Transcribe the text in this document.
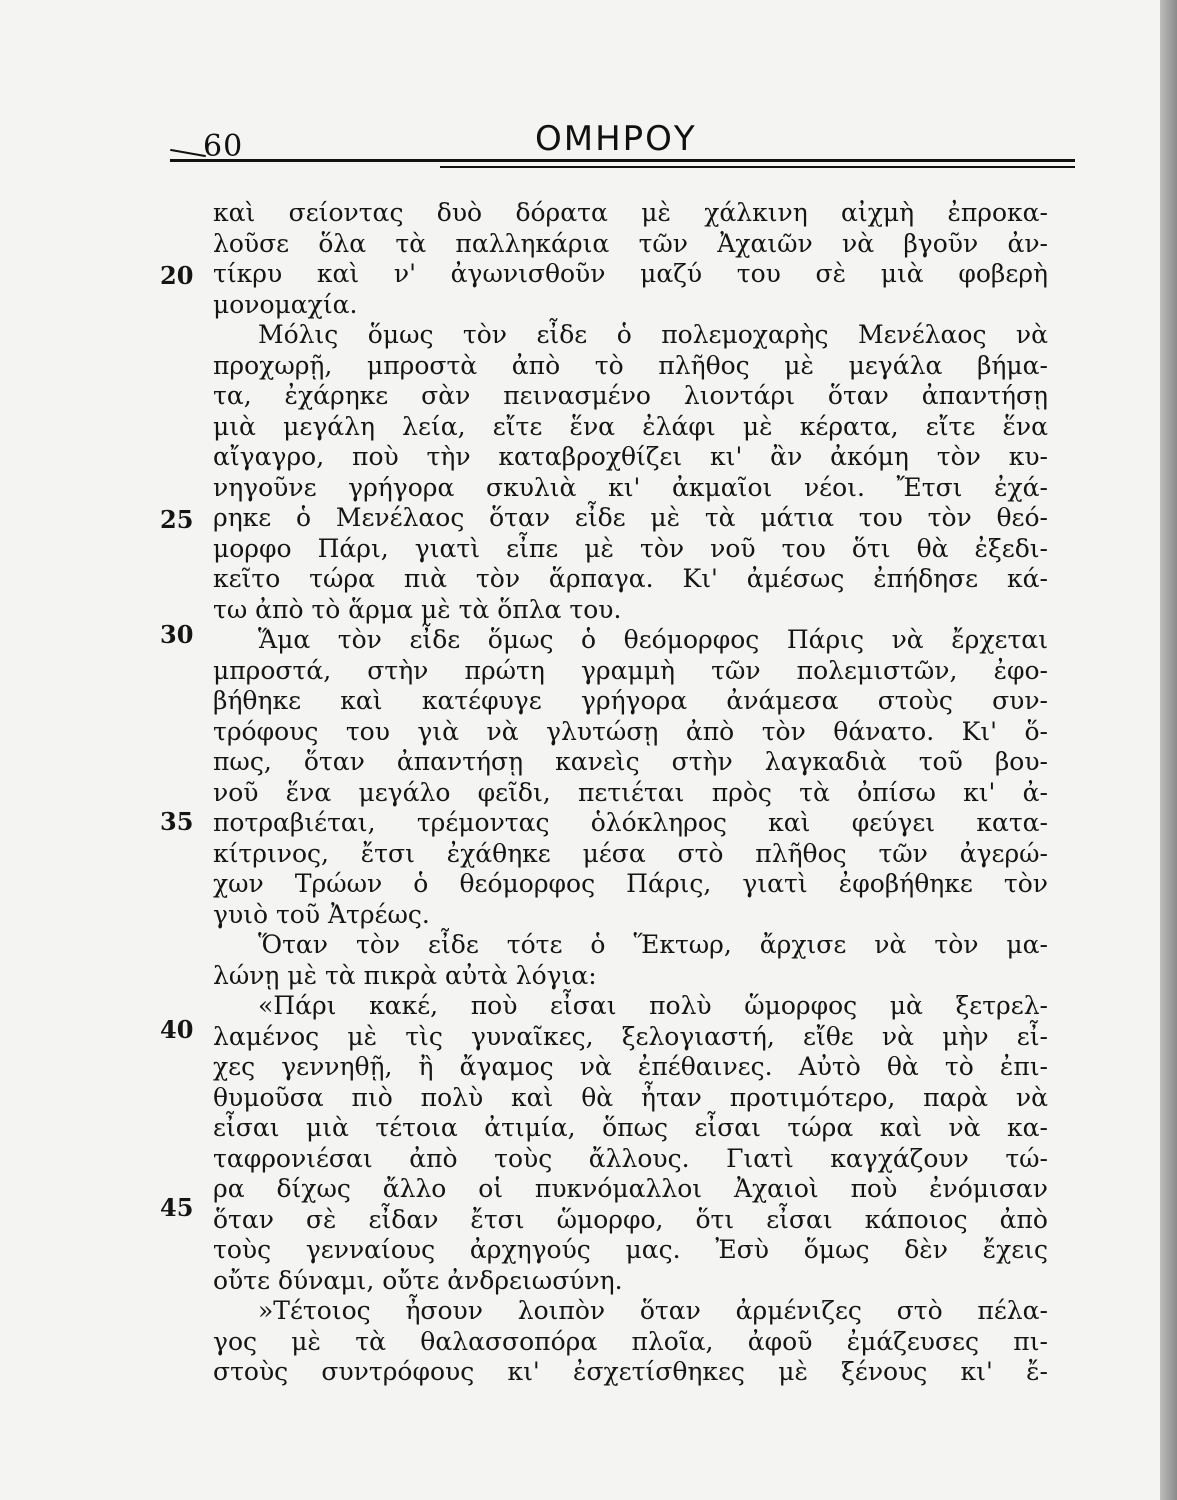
60	ΟΜΗΡΟΥ
20
25
30
35
40
45
καὶ σείοντας δυὸ δόρατα μὲ χάλκινη αἰχμὴ ἐπροκα-
λοῦσε ὅλα τὰ παλληκάρια τῶν Ἀχαιῶν νὰ βγοῦν ἀν-
τίκρυ καὶ ν' ἀγωνισθοῦν μαζύ του σὲ μιὰ φοβερὴ
μονομαχία.
Μόλις ὅμως τὸν εἶδε ὁ πολεμοχαρὴς Μενέλαος νὰ
προχωρῇ, μπροστὰ ἀπὸ τὸ πλῆθος μὲ μεγάλα βήμα-
τα, ἐχάρηκε σὰν πεινασμένο λιοντάρι ὅταν ἀπαντήσῃ
μιὰ μεγάλη λεία, εἴτε ἕνα ἐλάφι μὲ κέρατα, εἴτε ἕνα
αἴγαγρο, ποὺ τὴν καταβροχθίζει κι' ἂν ἀκόμη τὸν κυ-
νηγοῦνε γρήγορα σκυλιὰ κι' ἀκμαῖοι νέοι. Ἔτσι ἐχά-
ρηκε ὁ Μενέλαος ὅταν εἶδε μὲ τὰ μάτια του τὸν θεό-
μορφο Πάρι, γιατὶ εἶπε μὲ τὸν νοῦ του ὅτι θὰ ἐξεδι-
κεῖτο τώρα πιὰ τὸν ἅρπαγα. Κι' ἀμέσως ἐπήδησε κά-
τω ἀπὸ τὸ ἅρμα μὲ τὰ ὅπλα του.
Ἅμα τὸν εἶδε ὅμως ὁ θεόμορφος Πάρις νὰ ἔρχεται
μπροστά, στὴν πρώτη γραμμὴ τῶν πολεμιστῶν, ἐφο-
βήθηκε καὶ κατέφυγε γρήγορα ἀνάμεσα στοὺς συν-
τρόφους του γιὰ νὰ γλυτώσῃ ἀπὸ τὸν θάνατο. Κι' ὅ-
πως, ὅταν ἀπαντήσῃ κανεὶς στὴν λαγκαδιὰ τοῦ βου-
νοῦ ἕνα μεγάλο φεῖδι, πετιέται πρὸς τὰ ὀπίσω κι' ἀ-
ποτραβιέται, τρέμοντας ὁλόκληρος καὶ φεύγει κατα-
κίτρινος, ἔτσι ἐχάθηκε μέσα στὸ πλῆθος τῶν ἀγερώ-
χων Τρώων ὁ θεόμορφος Πάρις, γιατὶ ἐφοβήθηκε τὸν
γυιὸ τοῦ Ἀτρέως.
Ὅταν τὸν εἶδε τότε ὁ Ἕκτωρ, ἄρχισε νὰ τὸν μα-
λώνῃ μὲ τὰ πικρὰ αὐτὰ λόγια:
«Πάρι κακέ, ποὺ εἶσαι πολὺ ὥμορφος μὰ ξετρελ-
λαμένος μὲ τὶς γυναῖκες, ξελογιαστή, εἴθε νὰ μὴν εἶ-
χες γεννηθῇ, ἢ ἄγαμος νὰ ἐπέθαινες. Αὐτὸ θὰ τὸ ἐπι-
θυμοῦσα πιὸ πολὺ καὶ θὰ ἦταν προτιμότερο, παρὰ νὰ
εἶσαι μιὰ τέτοια ἀτιμία, ὅπως εἶσαι τώρα καὶ νὰ κα-
ταφρονιέσαι ἀπὸ τοὺς ἄλλους. Γιατὶ καγχάζουν τώ-
ρα δίχως ἄλλο οἱ πυκνόμαλλοι Ἀχαιοὶ ποὺ ἐνόμισαν
ὅταν σὲ εἶδαν ἔτσι ὥμορφο, ὅτι εἶσαι κάποιος ἀπὸ
τοὺς γενναίους ἀρχηγούς μας. Ἐσὺ ὅμως δὲν ἔχεις
οὔτε δύναμι, οὔτε ἀνδρειωσύνη.
»Τέτοιος ἦσουν λοιπὸν ὅταν ἀρμένιζες στὸ πέλα-
γος μὲ τὰ θαλασσοπόρα πλοῖα, ἀφοῦ ἐμάζευσες πι-
στοὺς συντρόφους κι' ἐσχετίσθηκες μὲ ξένους κι' ἔ-
